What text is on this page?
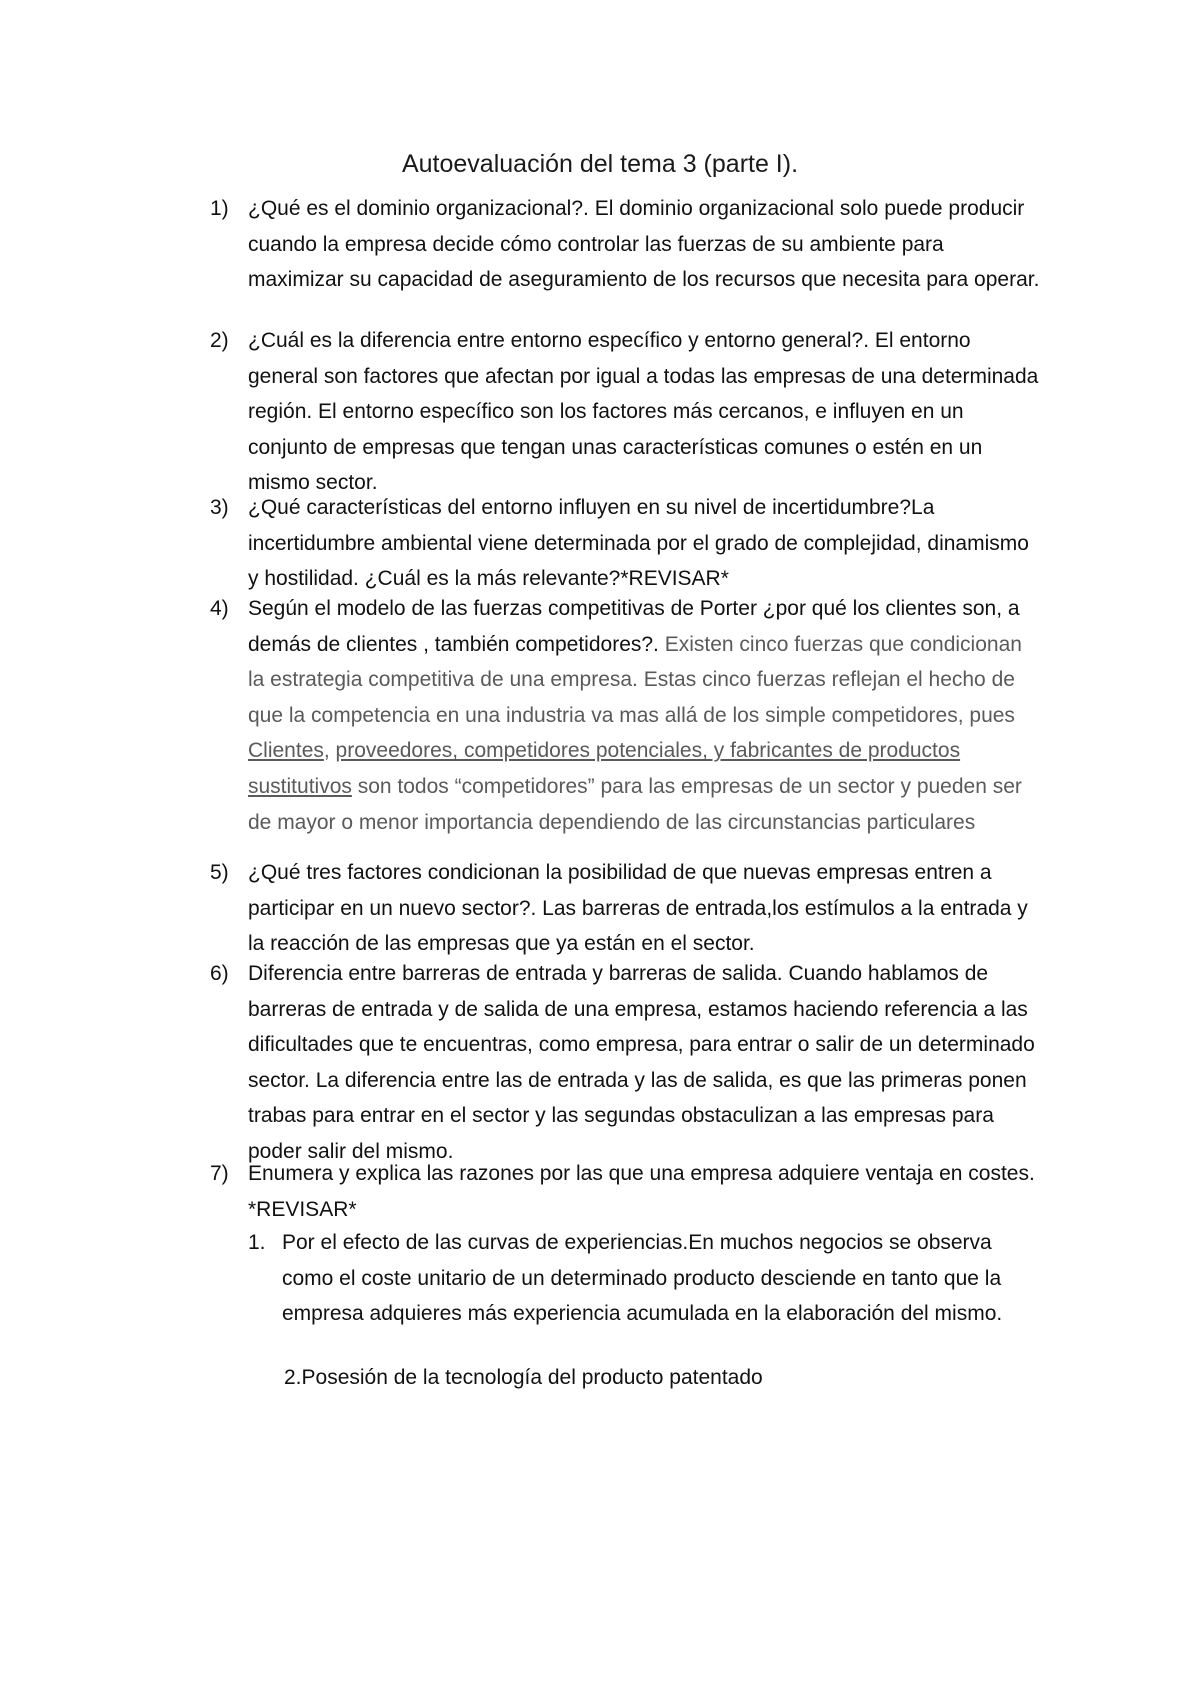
Autoevaluación del tema 3 (parte I).
1) ¿Qué es el dominio organizacional?. El dominio organizacional solo puede producir cuando la empresa decide cómo controlar las fuerzas de su ambiente para maximizar su capacidad de aseguramiento de los recursos que necesita para operar.
2) ¿Cuál es la diferencia entre entorno específico y entorno general?. El entorno general son factores que afectan por igual a todas las empresas de una determinada región. El entorno específico son los factores más cercanos, e influyen en un conjunto de empresas que tengan unas características comunes o estén en un mismo sector.
3) ¿Qué características del entorno influyen en su nivel de incertidumbre?La incertidumbre ambiental viene determinada por el grado de complejidad, dinamismo y hostilidad. ¿Cuál es la más relevante?*REVISAR*
4) Según el modelo de las fuerzas competitivas de Porter ¿por qué los clientes son, a demás de clientes , también competidores?. Existen cinco fuerzas que condicionan la estrategia competitiva de una empresa. Estas cinco fuerzas reflejan el hecho de que la competencia en una industria va mas allá de los simple competidores, pues Clientes, proveedores, competidores potenciales, y fabricantes de productossustitutivos son todos “competidores” para las empresas de un sector y pueden ser de mayor o menor importancia dependiendo de las circunstancias particulares
5) ¿Qué tres factores condicionan la posibilidad de que nuevas empresas entren a participar en un nuevo sector?. Las barreras de entrada,los estímulos a la entrada y la reacción de las empresas que ya están en el sector.
6) Diferencia entre barreras de entrada y barreras de salida. Cuando hablamos de barreras de entrada y de salida de una empresa, estamos haciendo referencia a las dificultades que te encuentras, como empresa, para entrar o salir de un determinado sector. La diferencia entre las de entrada y las de salida, es que las primeras ponen trabas para entrar en el sector y las segundas obstaculizan a las empresas para poder salir del mismo.
7) Enumera y explica las razones por las que una empresa adquiere ventaja en costes. *REVISAR*
1. Por el efecto de las curvas de experiencias.En muchos negocios se observa como el coste unitario de un determinado producto desciende en tanto que la empresa adquieres más experiencia acumulada en la elaboración del mismo.
2.Posesión de la tecnología del producto patentado
